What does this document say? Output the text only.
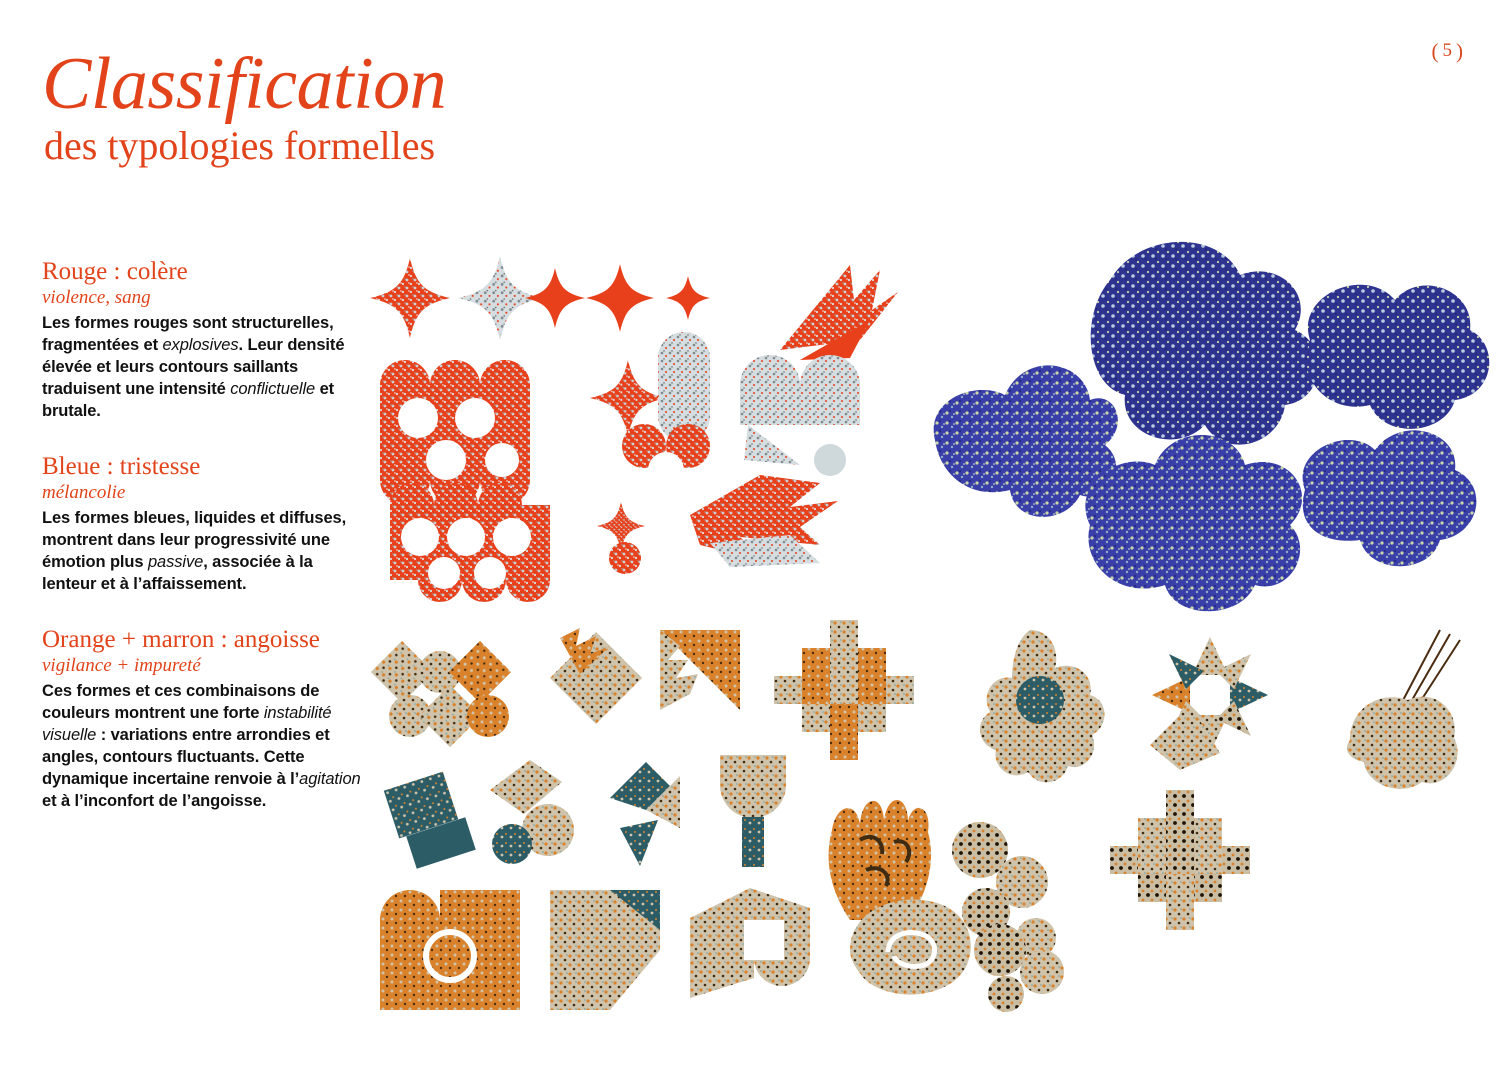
( 5 )
Classification
des typologies formelles
Rouge : colère
violence, sang

Les formes rouges sont structurelles, fragmentées et explosives. Leur densité élevée et leurs contours saillants traduisent une intensité conflictuelle et brutale.

Bleue : tristesse
mélancolie

Les formes bleues, liquides et diffuses, montrent dans leur progressivité une émotion plus passive, associée à la lenteur et à l’affaissement.

Orange + marron : angoisse
vigilance + impureté

Ces formes et ces combinaisons de couleurs montrent une forte instabilité visuelle : variations entre arrondies et angles, contours fluctuants. Cette dynamique incertaine renvoie à l’agitation et à l’inconfort de l’angoisse.
